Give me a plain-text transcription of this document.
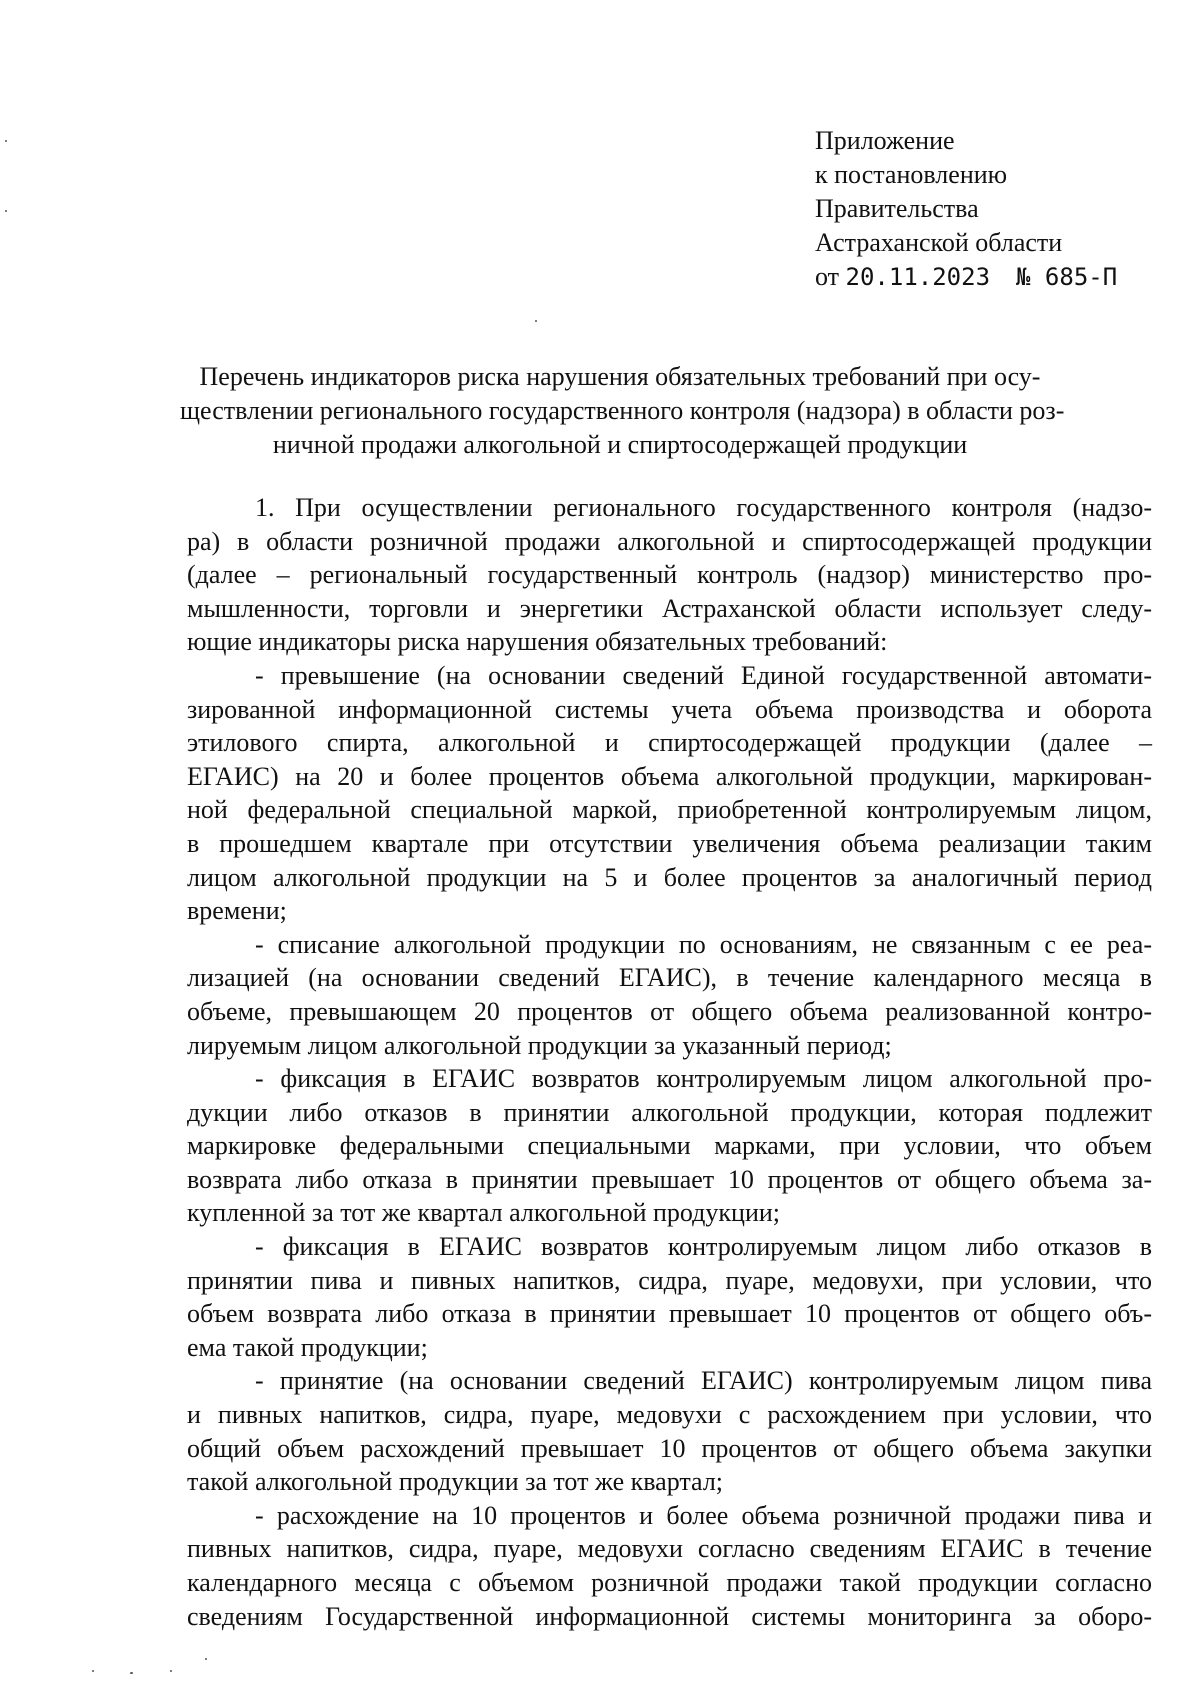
Приложение
к постановлению
Правительства
Астраханской области
от 20.11.2023 № 685-П
Перечень индикаторов риска нарушения обязательных требований при осу-
ществлении регионального государственного контроля (надзора) в области роз-
ничной продажи алкогольной и спиртосодержащей продукции
1. При осуществлении регионального государственного контроля (надзо-
ра) в области розничной продажи алкогольной и спиртосодержащей продукции
(далее – региональный государственный контроль (надзор) министерство про-
мышленности, торговли и энергетики Астраханской области использует следу-
ющие индикаторы риска нарушения обязательных требований:
- превышение (на основании сведений Единой государственной автомати-
зированной информационной системы учета объема производства и оборота
этилового спирта, алкогольной и спиртосодержащей продукции (далее –
ЕГАИС) на 20 и более процентов объема алкогольной продукции, маркирован-
ной федеральной специальной маркой, приобретенной контролируемым лицом,
в прошедшем квартале при отсутствии увеличения объема реализации таким
лицом алкогольной продукции на 5 и более процентов за аналогичный период
времени;
- списание алкогольной продукции по основаниям, не связанным с ее реа-
лизацией (на основании сведений ЕГАИС), в течение календарного месяца в
объеме, превышающем 20 процентов от общего объема реализованной контро-
лируемым лицом алкогольной продукции за указанный период;
- фиксация в ЕГАИС возвратов контролируемым лицом алкогольной про-
дукции либо отказов в принятии алкогольной продукции, которая подлежит
маркировке федеральными специальными марками, при условии, что объем
возврата либо отказа в принятии превышает 10 процентов от общего объема за-
купленной за тот же квартал алкогольной продукции;
- фиксация в ЕГАИС возвратов контролируемым лицом либо отказов в
принятии пива и пивных напитков, сидра, пуаре, медовухи, при условии, что
объем возврата либо отказа в принятии превышает 10 процентов от общего объ-
ема такой продукции;
- принятие (на основании сведений ЕГАИС) контролируемым лицом пива
и пивных напитков, сидра, пуаре, медовухи с расхождением при условии, что
общий объем расхождений превышает 10 процентов от общего объема закупки
такой алкогольной продукции за тот же квартал;
- расхождение на 10 процентов и более объема розничной продажи пива и
пивных напитков, сидра, пуаре, медовухи согласно сведениям ЕГАИС в течение
календарного месяца с объемом розничной продажи такой продукции согласно
сведениям Государственной информационной системы мониторинга за оборо-
